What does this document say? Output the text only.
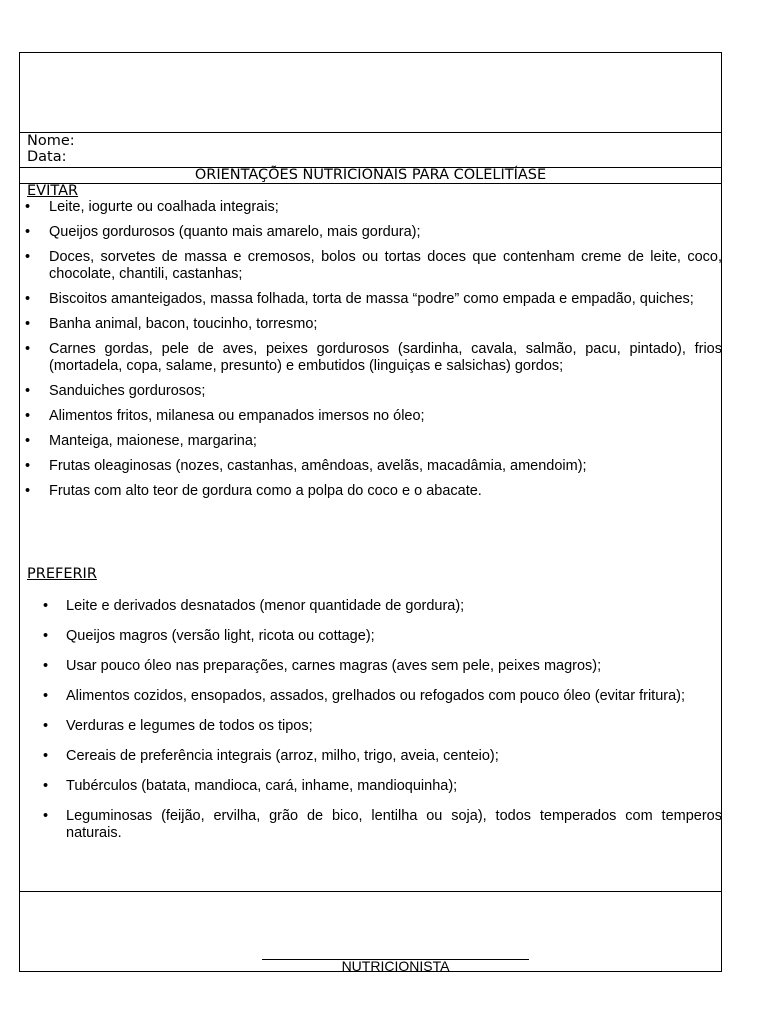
Nome:
Data:
ORIENTAÇÕES NUTRICIONAIS PARA COLELITÍASE
EVITAR
• Leite, iogurte ou coalhada integrais;
• Queijos gordurosos (quanto mais amarelo, mais gordura);
• Doces, sorvetes de massa e cremosos, bolos ou tortas doces que contenham creme de leite, coco, chocolate, chantili, castanhas;
• Biscoitos amanteigados, massa folhada, torta de massa “podre” como empada e empadão, quiches;
• Banha animal, bacon, toucinho, torresmo;
• Carnes gordas, pele de aves, peixes gordurosos (sardinha, cavala, salmão, pacu, pintado), frios (mortadela, copa, salame, presunto) e embutidos (linguiças e salsichas) gordos;
• Sanduiches gordurosos;
• Alimentos fritos, milanesa ou empanados imersos no óleo;
• Manteiga, maionese, margarina;
• Frutas oleaginosas (nozes, castanhas, amêndoas, avelãs, macadâmia, amendoim);
• Frutas com alto teor de gordura como a polpa do coco e o abacate.
PREFERIR
• Leite e derivados desnatados (menor quantidade de gordura);
• Queijos magros (versão light, ricota ou cottage);
• Usar pouco óleo nas preparações, carnes magras (aves sem pele, peixes magros);
• Alimentos cozidos, ensopados, assados, grelhados ou refogados com pouco óleo (evitar fritura);
• Verduras e legumes de todos os tipos;
• Cereais de preferência integrais (arroz, milho, trigo, aveia, centeio);
• Tubérculos (batata, mandioca, cará, inhame, mandioquinha);
• Leguminosas (feijão, ervilha, grão de bico, lentilha ou soja), todos temperados com temperos naturais.
NUTRICIONISTA
